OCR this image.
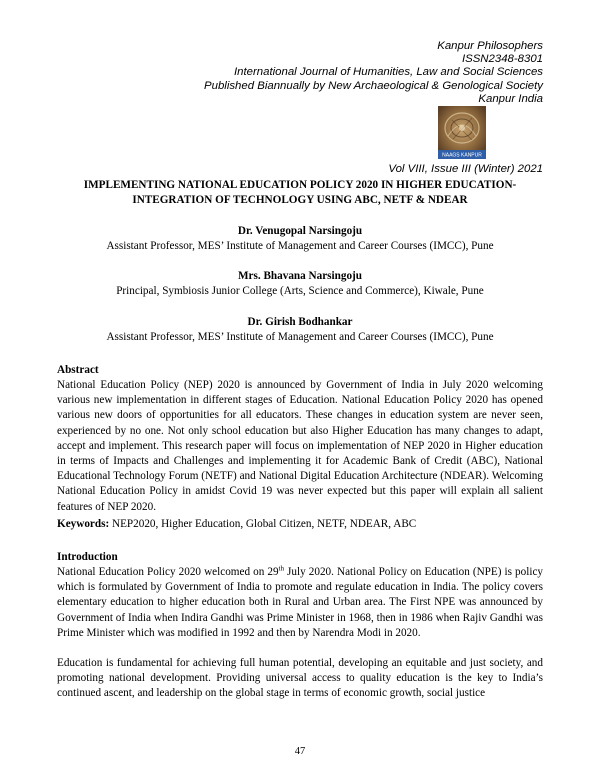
Kanpur Philosophers
ISSN2348-8301
International Journal of Humanities, Law and Social Sciences
Published Biannually by New Archaeological & Genological Society
Kanpur India
NAAGS KANPUR
Vol VIII, Issue III (Winter) 2021
IMPLEMENTING NATIONAL EDUCATION POLICY 2020 IN HIGHER EDUCATION-
INTEGRATION OF TECHNOLOGY USING ABC, NETF & NDEAR
Dr. Venugopal Narsingoju
Assistant Professor, MES’ Institute of Management and Career Courses (IMCC), Pune
Mrs. Bhavana Narsingoju
Principal, Symbiosis Junior College (Arts, Science and Commerce), Kiwale, Pune
Dr. Girish Bodhankar
Assistant Professor, MES’ Institute of Management and Career Courses (IMCC), Pune
Abstract
National Education Policy (NEP) 2020 is announced by Government of India in July 2020 welcoming various new implementation in different stages of Education. National Education Policy 2020 has opened various new doors of opportunities for all educators. These changes in education system are never seen, experienced by no one. Not only school education but also Higher Education has many changes to adapt, accept and implement. This research paper will focus on implementation of NEP 2020 in Higher education in terms of Impacts and Challenges and implementing it for Academic Bank of Credit (ABC), National Educational Technology Forum (NETF) and National Digital Education Architecture (NDEAR). Welcoming National Education Policy in amidst Covid 19 was never expected but this paper will explain all salient features of NEP 2020.
Keywords: NEP2020, Higher Education, Global Citizen, NETF, NDEAR, ABC
Introduction
National Education Policy 2020 welcomed on 29th July 2020. National Policy on Education (NPE) is policy which is formulated by Government of India to promote and regulate education in India. The policy covers elementary education to higher education both in Rural and Urban area. The First NPE was announced by Government of India when Indira Gandhi was Prime Minister in 1968, then in 1986 when Rajiv Gandhi was Prime Minister which was modified in 1992 and then by Narendra Modi in 2020.
Education is fundamental for achieving full human potential, developing an equitable and just society, and promoting national development. Providing universal access to quality education is the key to India’s continued ascent, and leadership on the global stage in terms of economic growth, social justice
47
